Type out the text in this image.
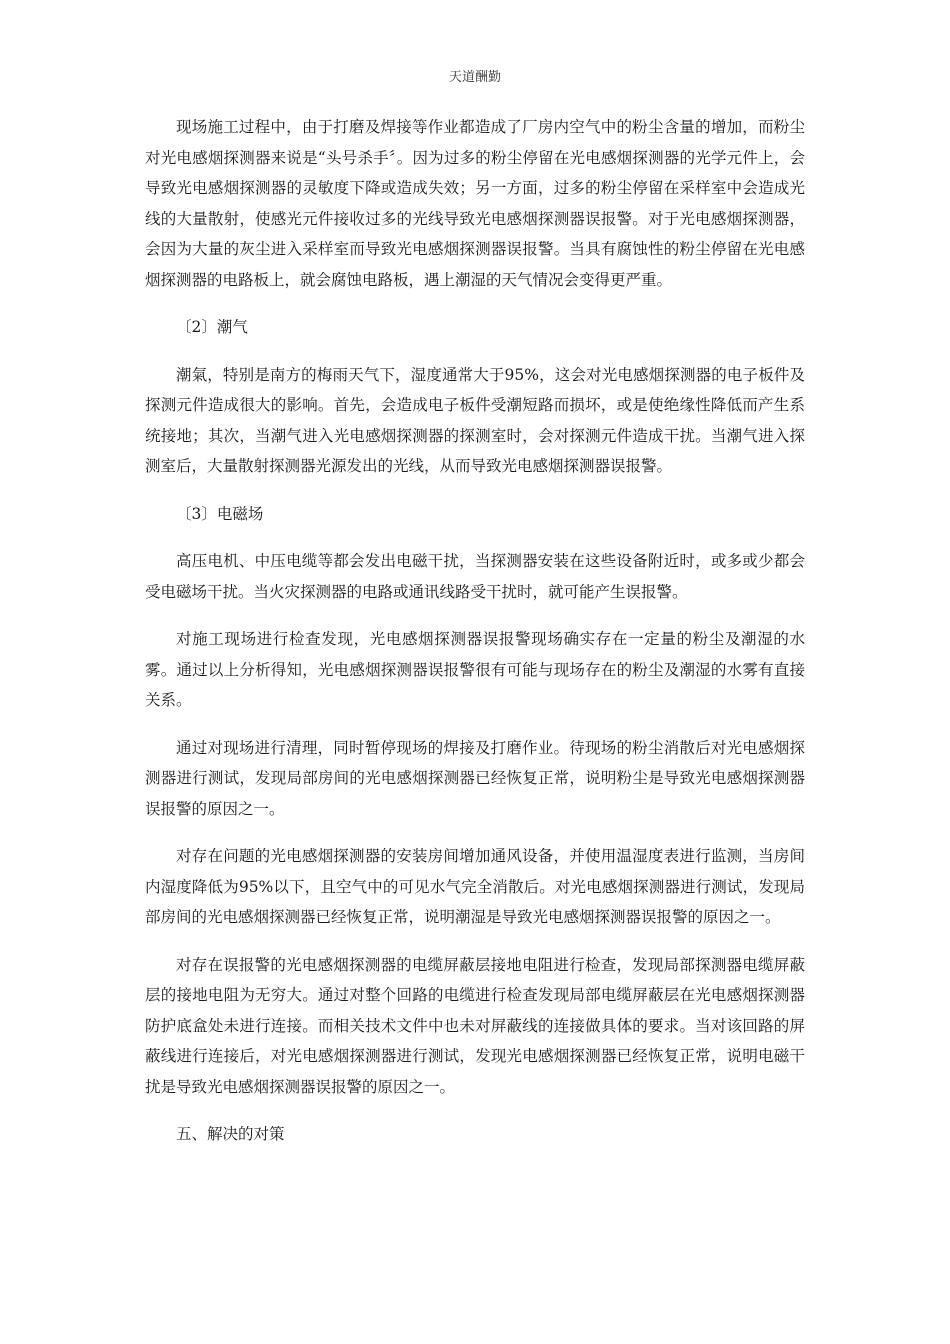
天道酬勤

现场施工过程中，由于打磨及焊接等作业都造成了厂房内空气中的粉尘含量的增加，而粉尘对光电感烟探测器来说是“头号杀手〞。因为过多的粉尘停留在光电感烟探测器的光学元件上，会导致光电感烟探测器的灵敏度下降或造成失效；另一方面，过多的粉尘停留在采样室中会造成光线的大量散射，使感光元件接收过多的光线导致光电感烟探测器误报警。对于光电感烟探测器，会因为大量的灰尘进入采样室而导致光电感烟探测器误报警。当具有腐蚀性的粉尘停留在光电感烟探测器的电路板上，就会腐蚀电路板，遇上潮湿的天气情况会变得更严重。

〔2〕潮气

潮氣，特别是南方的梅雨天气下，湿度通常大于95%，这会对光电感烟探测器的电子板件及探测元件造成很大的影响。首先，会造成电子板件受潮短路而损坏，或是使绝缘性降低而产生系统接地；其次，当潮气进入光电感烟探测器的探测室时，会对探测元件造成干扰。当潮气进入探测室后，大量散射探测器光源发出的光线，从而导致光电感烟探测器误报警。

〔3〕电磁场

高压电机、中压电缆等都会发出电磁干扰，当探测器安装在这些设备附近时，或多或少都会受电磁场干扰。当火灾探测器的电路或通讯线路受干扰时，就可能产生误报警。

对施工现场进行检查发现，光电感烟探测器误报警现场确实存在一定量的粉尘及潮湿的水雾。通过以上分析得知，光电感烟探测器误报警很有可能与现场存在的粉尘及潮湿的水雾有直接关系。

通过对现场进行清理，同时暂停现场的焊接及打磨作业。待现场的粉尘消散后对光电感烟探测器进行测试，发现局部房间的光电感烟探测器已经恢复正常，说明粉尘是导致光电感烟探测器误报警的原因之一。

对存在问题的光电感烟探测器的安装房间增加通风设备，并使用温湿度表进行监测，当房间内湿度降低为95%以下，且空气中的可见水气完全消散后。对光电感烟探测器进行测试，发现局部房间的光电感烟探测器已经恢复正常，说明潮湿是导致光电感烟探测器误报警的原因之一。

对存在误报警的光电感烟探测器的电缆屏蔽层接地电阻进行检查，发现局部探测器电缆屏蔽层的接地电阻为无穷大。通过对整个回路的电缆进行检查发现局部电缆屏蔽层在光电感烟探测器防护底盒处未进行连接。而相关技术文件中也未对屏蔽线的连接做具体的要求。当对该回路的屏蔽线进行连接后，对光电感烟探测器进行测试，发现光电感烟探测器已经恢复正常，说明电磁干扰是导致光电感烟探测器误报警的原因之一。

五、解决的对策
